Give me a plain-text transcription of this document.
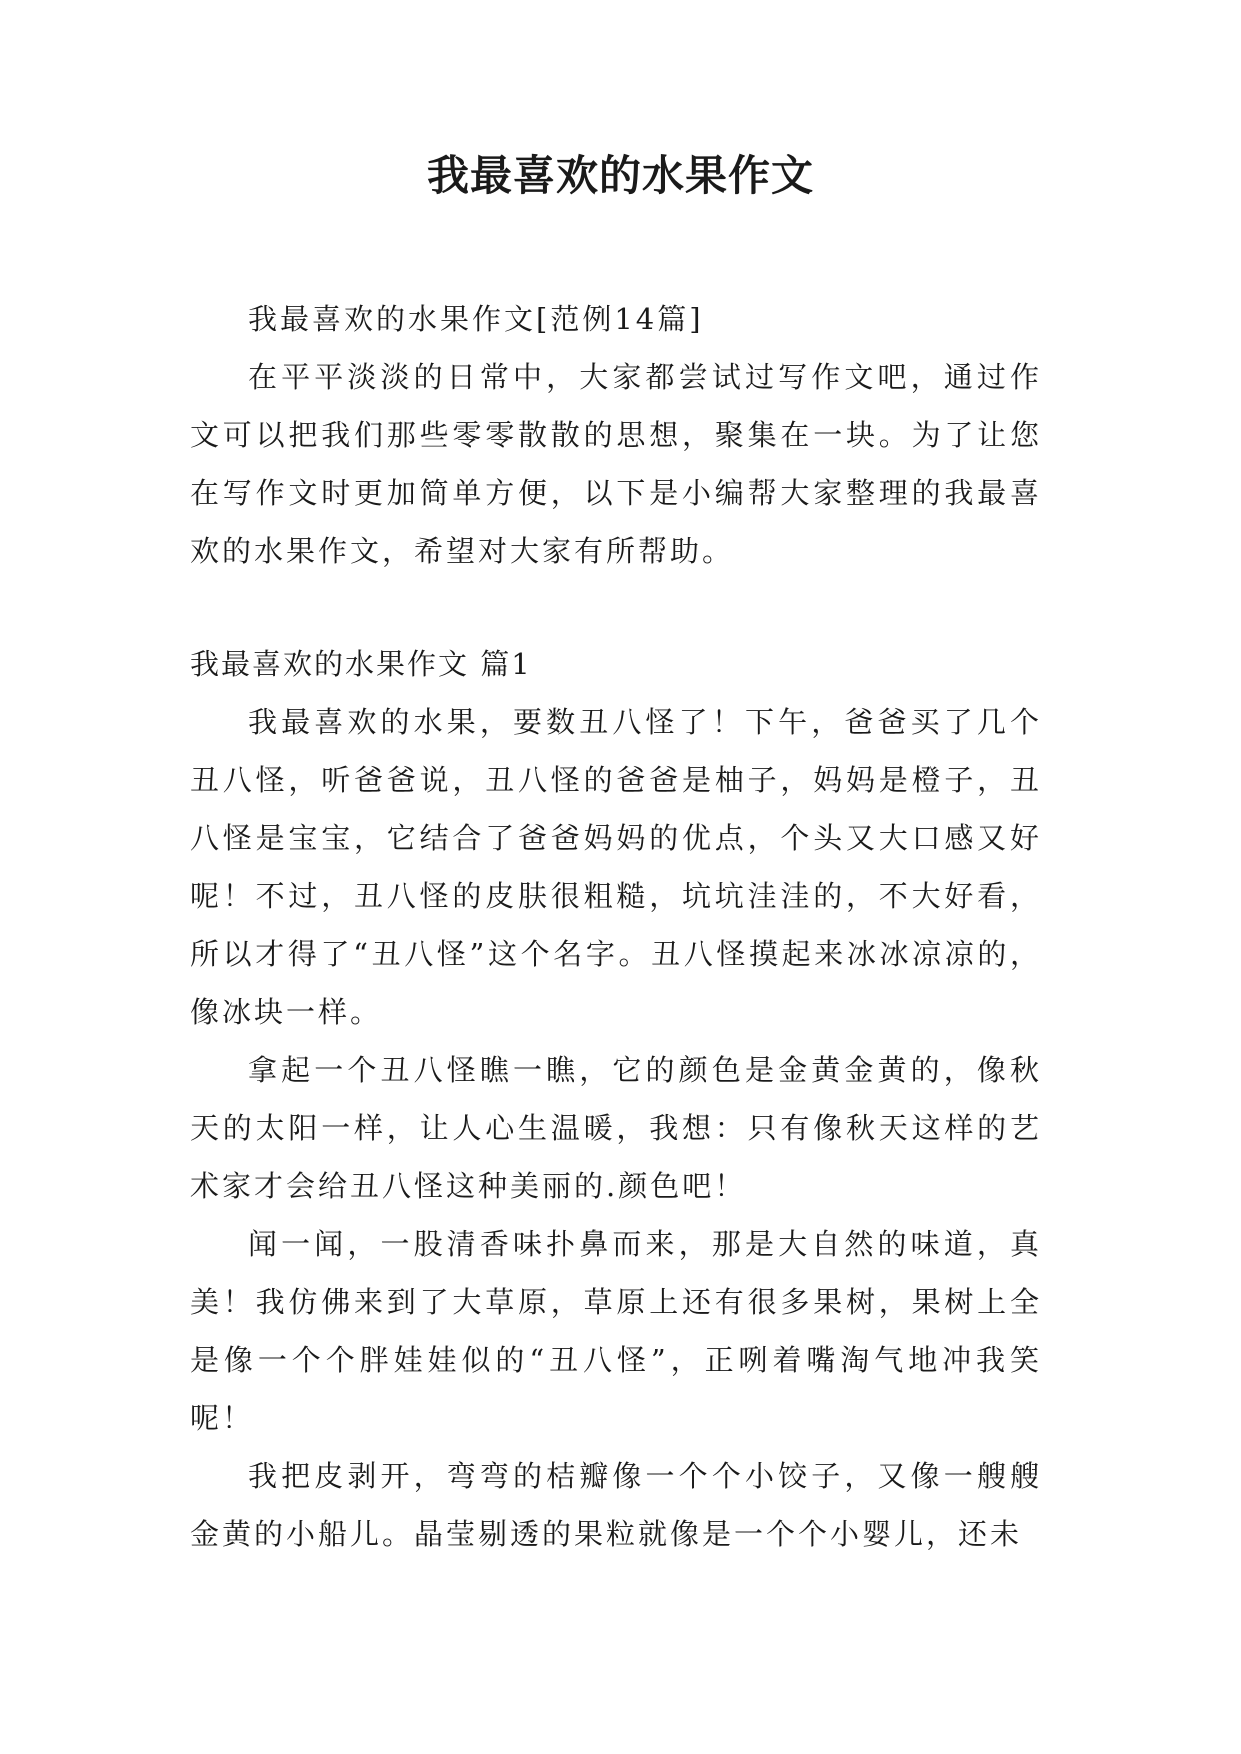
我最喜欢的水果作文

我最喜欢的水果作文[范例14篇]

在平平淡淡的日常中，大家都尝试过写作文吧，通过作文可以把我们那些零零散散的思想，聚集在一块。为了让您在写作文时更加简单方便，以下是小编帮大家整理的我最喜欢的水果作文，希望对大家有所帮助。

我最喜欢的水果作文 篇1

我最喜欢的水果，要数丑八怪了！下午，爸爸买了几个丑八怪，听爸爸说，丑八怪的爸爸是柚子，妈妈是橙子，丑八怪是宝宝，它结合了爸爸妈妈的优点，个头又大口感又好呢！不过，丑八怪的皮肤很粗糙，坑坑洼洼的，不大好看，所以才得了“丑八怪”这个名字。丑八怪摸起来冰冰凉凉的，像冰块一样。

拿起一个丑八怪瞧一瞧，它的颜色是金黄金黄的，像秋天的太阳一样，让人心生温暖，我想：只有像秋天这样的艺术家才会给丑八怪这种美丽的.颜色吧！

闻一闻，一股清香味扑鼻而来，那是大自然的味道，真美！我仿佛来到了大草原，草原上还有很多果树，果树上全是像一个个胖娃娃似的“丑八怪”，正咧着嘴淘气地冲我笑呢！

我把皮剥开，弯弯的桔瓣像一个个小饺子，又像一艘艘金黄的小船儿。晶莹剔透的果粒就像是一个个小婴儿，还未
